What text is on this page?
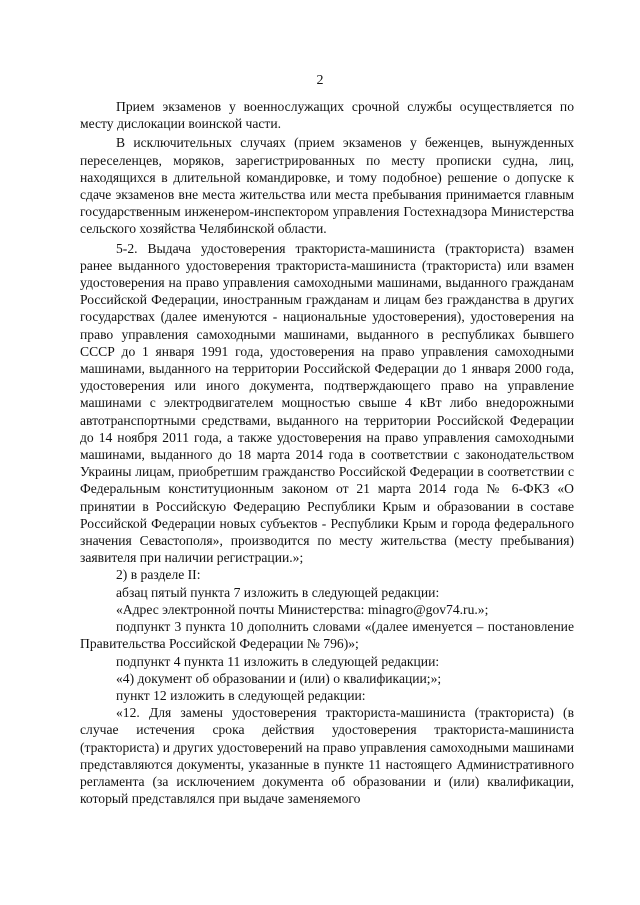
2

Прием экзаменов у военнослужащих срочной службы осуществляется по месту дислокации воинской части.

В исключительных случаях (прием экзаменов у беженцев, вынужденных переселенцев, моряков, зарегистрированных по месту прописки судна, лиц, находящихся в длительной командировке, и тому подобное) решение о допуске к сдаче экзаменов вне места жительства или места пребывания принимается главным государственным инженером-инспектором управления Гостехнадзора Министерства сельского хозяйства Челябинской области.

5-2. Выдача удостоверения тракториста-машиниста (тракториста) взамен ранее выданного удостоверения тракториста-машиниста (тракториста) или взамен удостоверения на право управления самоходными машинами, выданного гражданам Российской Федерации, иностранным гражданам и лицам без гражданства в других государствах (далее именуются - национальные удостоверения), удостоверения на право управления самоходными машинами, выданного в республиках бывшего СССР до 1 января 1991 года, удостоверения на право управления самоходными машинами, выданного на территории Российской Федерации до 1 января 2000 года, удостоверения или иного документа, подтверждающего право на управление машинами с электродвигателем мощностью свыше 4 кВт либо внедорожными автотранспортными средствами, выданного на территории Российской Федерации до 14 ноября 2011 года, а также удостоверения на право управления самоходными машинами, выданного до 18 марта 2014 года в соответствии с законодательством Украины лицам, приобретшим гражданство Российской Федерации в соответствии с Федеральным конституционным законом от 21 марта 2014 года № 6-ФКЗ «О принятии в Российскую Федерацию Республики Крым и образовании в составе Российской Федерации новых субъектов - Республики Крым и города федерального значения Севастополя», производится по месту жительства (месту пребывания) заявителя при наличии регистрации.»;

2) в разделе II:

абзац пятый пункта 7 изложить в следующей редакции:

«Адрес электронной почты Министерства: minagro@gov74.ru.»;

подпункт 3 пункта 10 дополнить словами «(далее именуется – постановление Правительства Российской Федерации № 796)»;

подпункт 4 пункта 11 изложить в следующей редакции:

«4) документ об образовании и (или) о квалификации;»;

пункт 12 изложить в следующей редакции:

«12. Для замены удостоверения тракториста-машиниста (тракториста) (в случае истечения срока действия удостоверения тракториста-машиниста (тракториста) и других удостоверений на право управления самоходными машинами представляются документы, указанные в пункте 11 настоящего Административного регламента (за исключением документа об образовании и (или) квалификации, который представлялся при выдаче заменяемого
